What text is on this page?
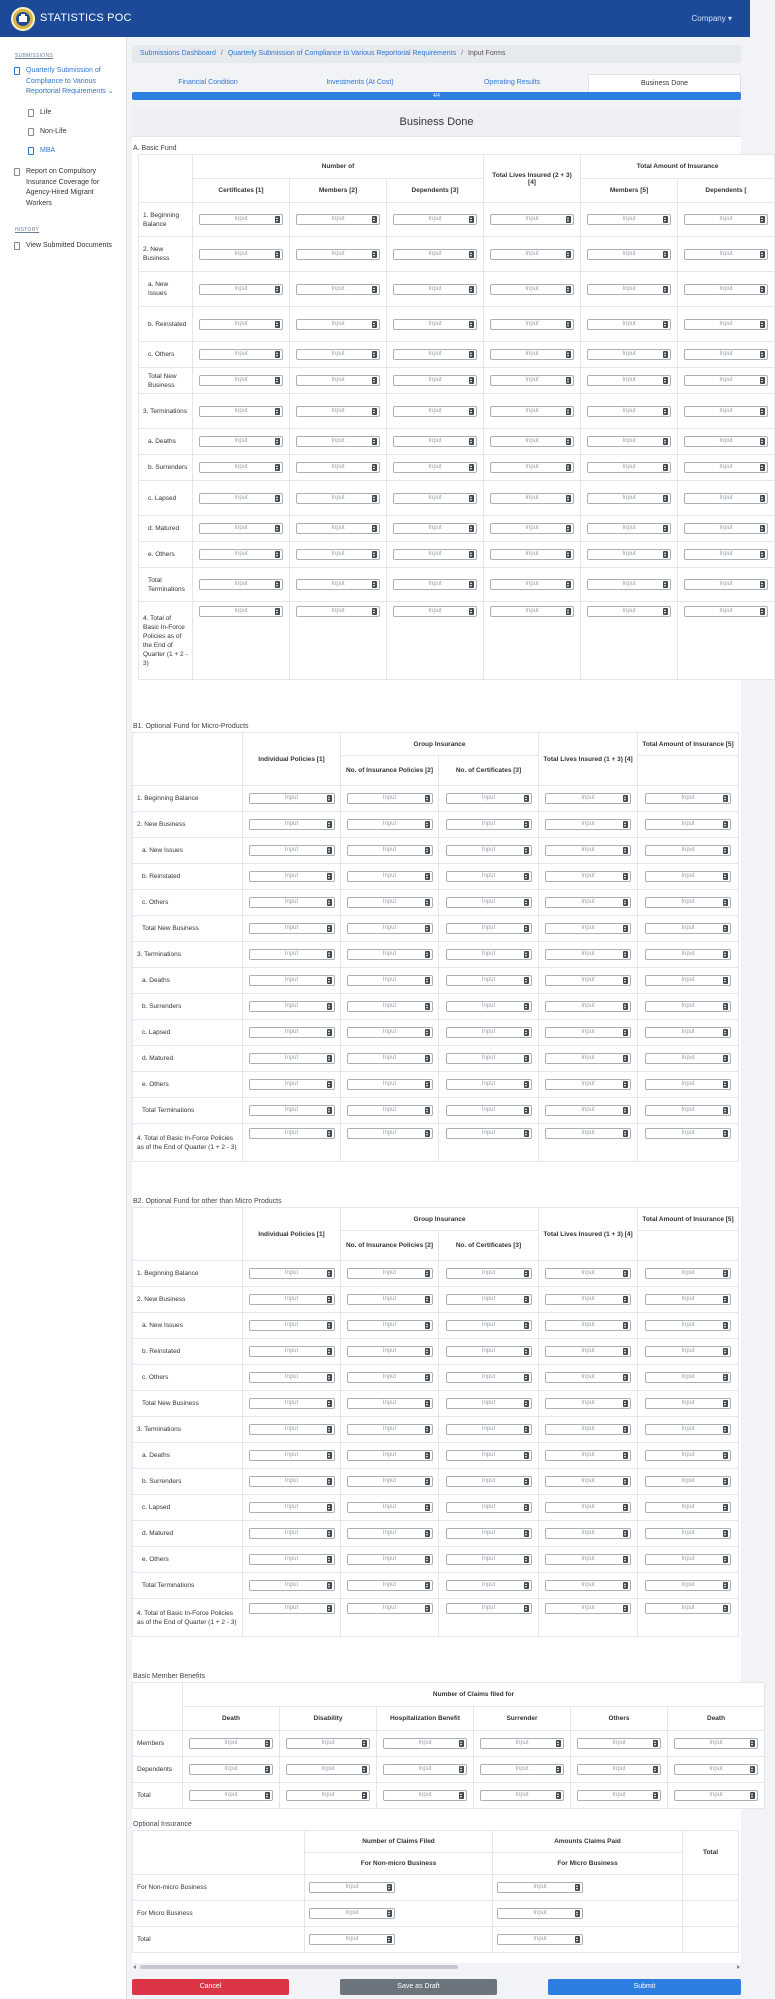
STATISTICS POC	Company ▾
SUBMISSIONS
Quarterly Submission of Compliance to Various Reportorial Requirements ⌄
Life
Non-Life
MBA
Report on Compulsory Insurance Coverage for Agency-Hired Migrant Workers
HISTORY
View Submitted Documents
Submissions Dashboard / Quarterly Submission of Compliance to Various Reportorial Requirements / Input Forms
Financial Condition	Investments (At Cost)	Operating Results	Business Done
4/4
Business Done
A. Basic Fund
	Number of			Total Lives Insured (2 + 3) [4]	Total Amount of Insurance	
	Certificates [1]	Members [2]	Dependents [3]		Members [5]	Dependents [
1. Beginning Balance	Input	Input	Input	Input	Input	Input

2. New Business	Input	Input	Input	Input	Input	Input

a. New Issues	Input	Input	Input	Input	Input	Input

b. Reinstated	Input	Input	Input	Input	Input	Input

c. Others	Input	Input	Input	Input	Input	Input

Total New Business	Input	Input	Input	Input	Input	Input

3. Terminations	Input	Input	Input	Input	Input	Input

a. Deaths	Input	Input	Input	Input	Input	Input

b. Surrenders	Input	Input	Input	Input	Input	Input

c. Lapsed	Input	Input	Input	Input	Input	Input

d. Matured	Input	Input	Input	Input	Input	Input

e. Others	Input	Input	Input	Input	Input	Input

Total Terminations	Input	Input	Input	Input	Input	Input

4. Total of Basic In-Force Policies as of the End of Quarter (1 + 2 - 3)	Input	Input	Input	Input	Input	Input
B1. Optional Fund for Micro-Products
	Individual Policies [1]	Group Insurance		Total Lives Insured (1 + 3) [4]	Total Amount of Insurance [5]
		No. of Insurance Policies [2]	No. of Certificates [3]		
1. Beginning Balance	Input	Input	Input	Input	Input

2. New Business	Input	Input	Input	Input	Input

a. New Issues	Input	Input	Input	Input	Input

b. Reinstated	Input	Input	Input	Input	Input

c. Others	Input	Input	Input	Input	Input

Total New Business	Input	Input	Input	Input	Input

3. Terminations	Input	Input	Input	Input	Input

a. Deaths	Input	Input	Input	Input	Input

b. Surrenders	Input	Input	Input	Input	Input

c. Lapsed	Input	Input	Input	Input	Input

d. Matured	Input	Input	Input	Input	Input

e. Others	Input	Input	Input	Input	Input

Total Terminations	Input	Input	Input	Input	Input

4. Total of Basic In-Force Policies as of the End of Quarter (1 + 2 - 3)	Input	Input	Input	Input	Input
B2. Optional Fund for other than Micro Products
	Individual Policies [1]	Group Insurance		Total Lives Insured (1 + 3) [4]	Total Amount of Insurance [5]
		No. of Insurance Policies [2]	No. of Certificates [3]		
1. Beginning Balance	Input	Input	Input	Input	Input

2. New Business	Input	Input	Input	Input	Input

a. New Issues	Input	Input	Input	Input	Input

b. Reinstated	Input	Input	Input	Input	Input

c. Others	Input	Input	Input	Input	Input

Total New Business	Input	Input	Input	Input	Input

3. Terminations	Input	Input	Input	Input	Input

a. Deaths	Input	Input	Input	Input	Input

b. Surrenders	Input	Input	Input	Input	Input

c. Lapsed	Input	Input	Input	Input	Input

d. Matured	Input	Input	Input	Input	Input

e. Others	Input	Input	Input	Input	Input

Total Terminations	Input	Input	Input	Input	Input

4. Total of Basic In-Force Policies as of the End of Quarter (1 + 2 - 3)	Input	Input	Input	Input	Input
Basic Member Benefits
	Number of Claims filed for					
	Death	Disability	Hospitalization Benefit	Surrender	Others	Death
Members	Input	Input	Input	Input	Input	Input

Dependents	Input	Input	Input	Input	Input	Input

Total	Input	Input	Input	Input	Input	Input
Optional Insurance
	Number of Claims Filed	Amounts Claims Paid	Total
	For Non-micro Business	For Micro Business	
For Non-micro Business	Input	Input	

For Micro Business	Input	Input	

Total	Input	Input	

Cancel	Save as Draft	Submit
